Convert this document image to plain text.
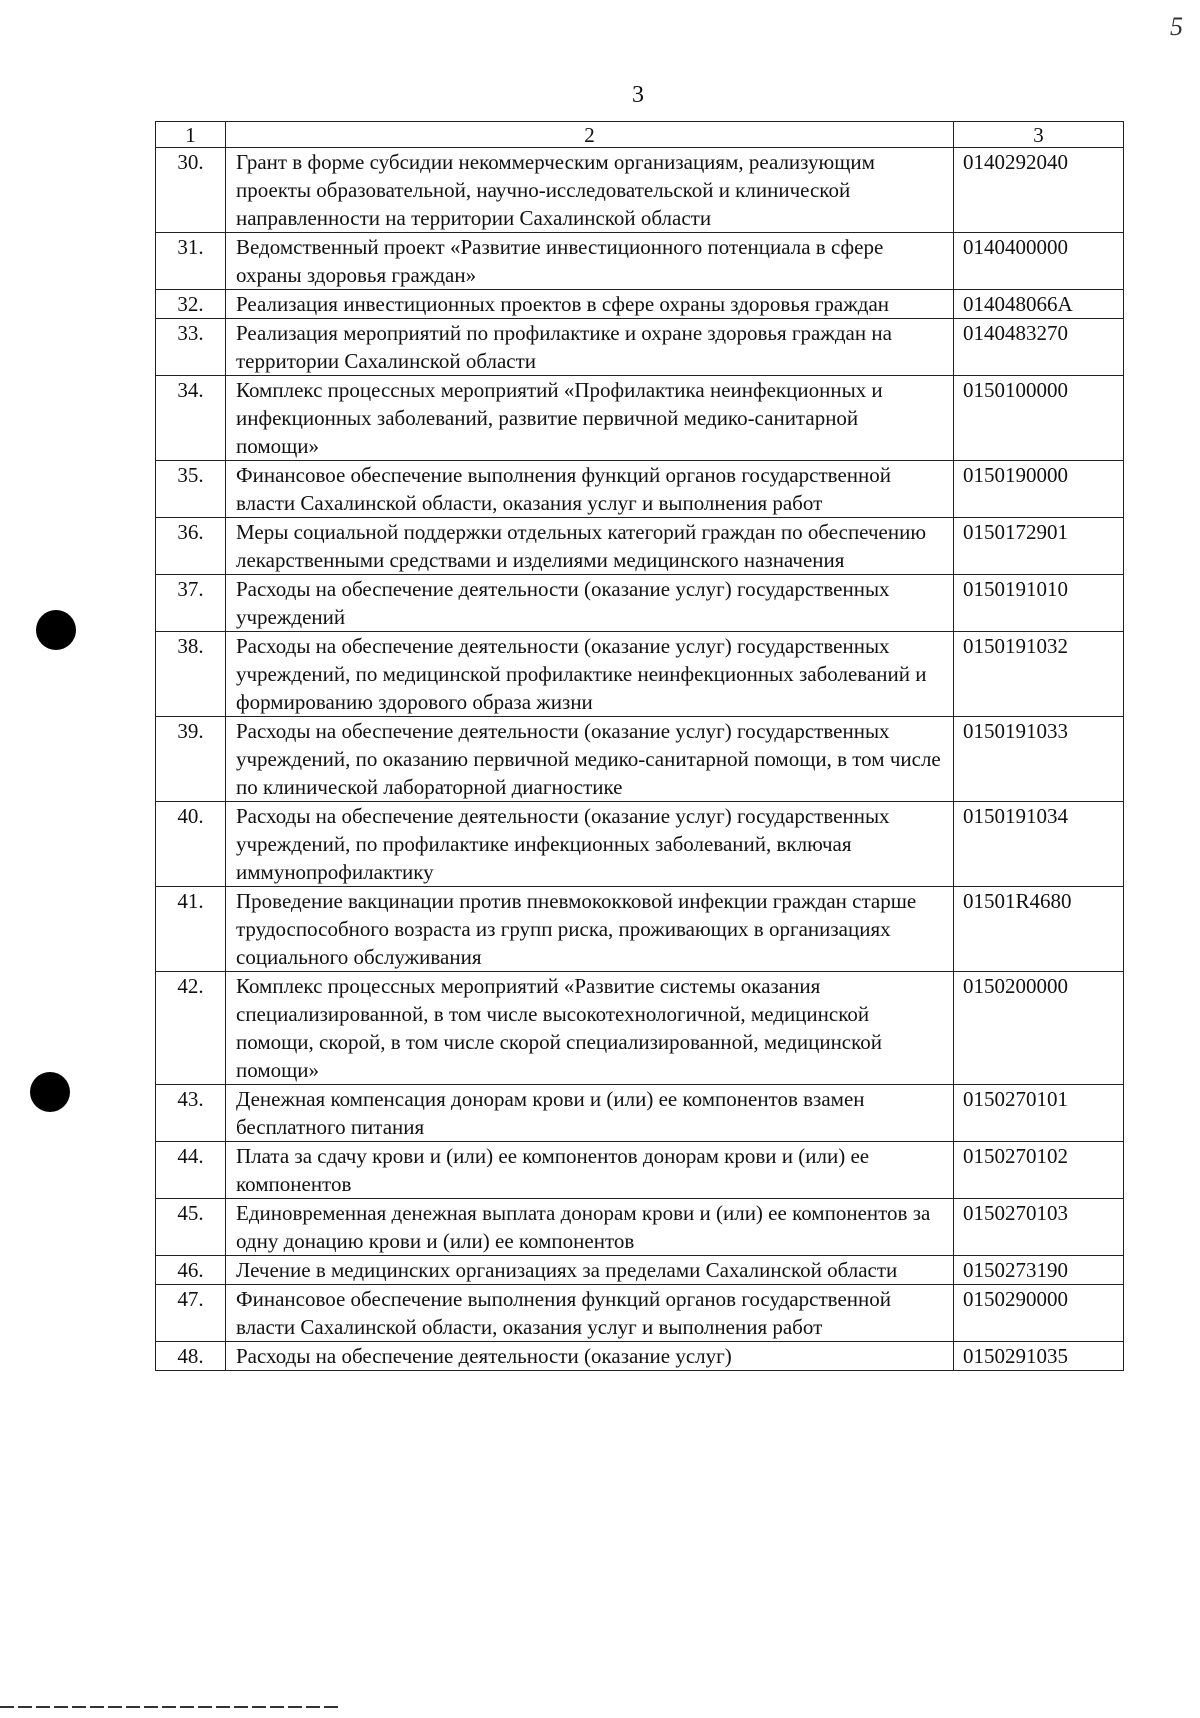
5
3
1	2	3
30.	Грант в форме субсидии некоммерческим организациям, реализующим проекты образовательной, научно-исследовательской и клинической направленности на территории Сахалинской области	0140292040
31.	Ведомственный проект «Развитие инвестиционного потенциала в сфере охраны здоровья граждан»	0140400000
32.	Реализация инвестиционных проектов в сфере охраны здоровья граждан	014048066А
33.	Реализация мероприятий по профилактике и охране здоровья граждан на территории Сахалинской области	0140483270
34.	Комплекс процессных мероприятий «Профилактика неинфекционных и инфекционных заболеваний, развитие первичной медико-санитарной помощи»	0150100000
35.	Финансовое обеспечение выполнения функций органов государственной власти Сахалинской области, оказания услуг и выполнения работ	0150190000
36.	Меры социальной поддержки отдельных категорий граждан по обеспечению лекарственными средствами и изделиями медицинского назначения	0150172901
37.	Расходы на обеспечение деятельности (оказание услуг) государственных учреждений	0150191010
38.	Расходы на обеспечение деятельности (оказание услуг) государственных учреждений, по медицинской профилактике неинфекционных заболеваний и формированию здорового образа жизни	0150191032
39.	Расходы на обеспечение деятельности (оказание услуг) государственных учреждений, по оказанию первичной медико-санитарной помощи, в том числе по клинической лабораторной диагностике	0150191033
40.	Расходы на обеспечение деятельности (оказание услуг) государственных учреждений, по профилактике инфекционных заболеваний, включая иммунопрофилактику	0150191034
41.	Проведение вакцинации против пневмококковой инфекции граждан старше трудоспособного возраста из групп риска, проживающих в организациях социального обслуживания	01501R4680
42.	Комплекс процессных мероприятий «Развитие системы оказания специализированной, в том числе высокотехнологичной, медицинской помощи, скорой, в том числе скорой специализированной, медицинской помощи»	0150200000
43.	Денежная компенсация донорам крови и (или) ее компонентов взамен бесплатного питания	0150270101
44.	Плата за сдачу крови и (или) ее компонентов донорам крови и (или) ее компонентов	0150270102
45.	Единовременная денежная выплата донорам крови и (или) ее компонентов за одну донацию крови и (или) ее компонентов	0150270103
46.	Лечение в медицинских организациях за пределами Сахалинской области	0150273190
47.	Финансовое обеспечение выполнения функций органов государственной власти Сахалинской области, оказания услуг и выполнения работ	0150290000
48.	Расходы на обеспечение деятельности (оказание услуг)	0150291035
